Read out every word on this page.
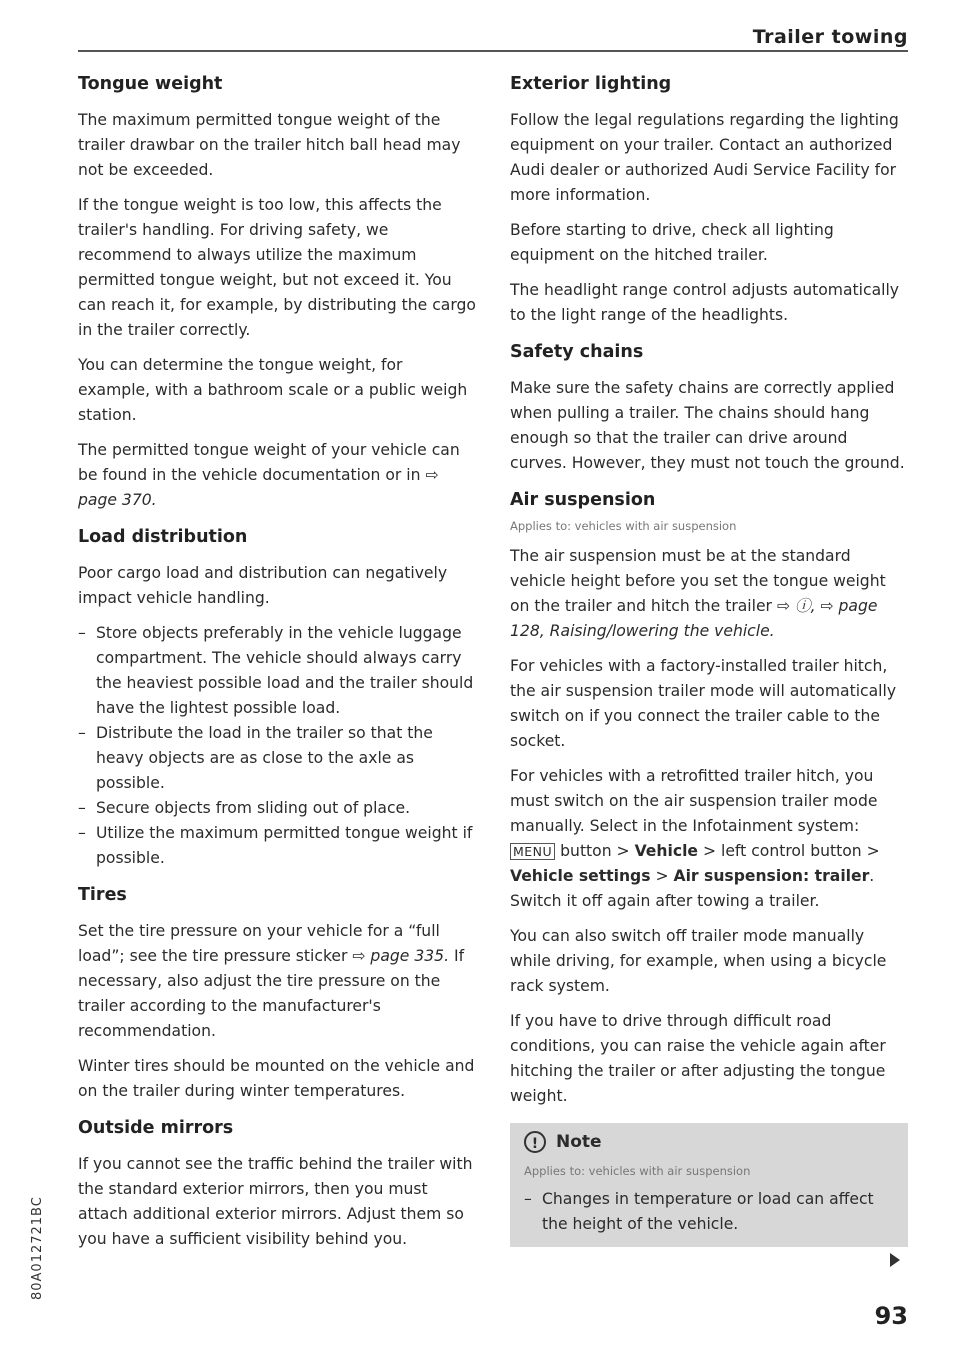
Trailer towing
Tongue weight

The maximum permitted tongue weight of the trailer drawbar on the trailer hitch ball head may not be exceeded.

If the tongue weight is too low, this affects the trailer's handling. For driving safety, we recommend to always utilize the maximum permitted tongue weight, but not exceed it. You can reach it, for example, by distributing the cargo in the trailer correctly.

You can determine the tongue weight, for example, with a bathroom scale or a public weigh station.

The permitted tongue weight of your vehicle can be found in the vehicle documentation or in ⇨ page 370.

Load distribution

Poor cargo load and distribution can negatively impact vehicle handling.

– Store objects preferably in the vehicle luggage compartment. The vehicle should always carry the heaviest possible load and the trailer should have the lightest possible load.
– Distribute the load in the trailer so that the heavy objects are as close to the axle as possible.
– Secure objects from sliding out of place.
– Utilize the maximum permitted tongue weight if possible.
Tires

Set the tire pressure on your vehicle for a “full load”; see the tire pressure sticker ⇨ page 335. If necessary, also adjust the tire pressure on the trailer according to the manufacturer's recommendation.

Winter tires should be mounted on the vehicle and on the trailer during winter temperatures.

Outside mirrors

If you cannot see the traffic behind the trailer with the standard exterior mirrors, then you must attach additional exterior mirrors. Adjust them so you have a sufficient visibility behind you.

Exterior lighting

Follow the legal regulations regarding the lighting equipment on your trailer. Contact an authorized Audi dealer or authorized Audi Service Facility for more information.

Before starting to drive, check all lighting equipment on the hitched trailer.

The headlight range control adjusts automatically to the light range of the headlights.

Safety chains

Make sure the safety chains are correctly applied when pulling a trailer. The chains should hang enough so that the trailer can drive around curves. However, they must not touch the ground.

Air suspension
Applies to: vehicles with air suspension

The air suspension must be at the standard vehicle height before you set the tongue weight on the trailer and hitch the trailer ⇨ ⓘ, ⇨ page 128, Raising/lowering the vehicle.

For vehicles with a factory-installed trailer hitch, the air suspension trailer mode will automatically switch on if you connect the trailer cable to the socket.

For vehicles with a retrofitted trailer hitch, you must switch on the air suspension trailer mode manually. Select in the Infotainment system: MENU button > Vehicle > left control button > Vehicle settings > Air suspension: trailer. Switch it off again after towing a trailer.

You can also switch off trailer mode manually while driving, for example, when using a bicycle rack system.

If you have to drive through difficult road conditions, you can raise the vehicle again after hitching the trailer or after adjusting the tongue weight.

!	Note
Applies to: vehicles with air suspension
– Changes in temperature or load can affect the height of the vehicle.
93
80A012721BC
